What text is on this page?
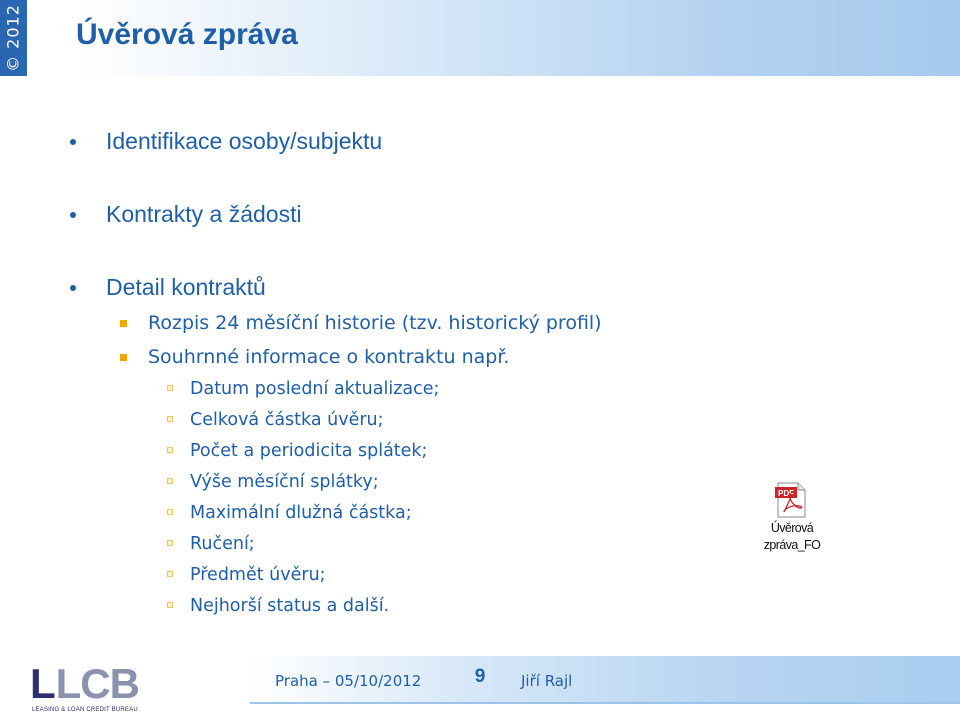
© 2012 Úvěrová zpráva
Identifikace osoby/subjektu
Kontrakty a žádosti
Detail kontraktů
Rozpis 24 měsíční historie (tzv. historický profil)
Souhrnné informace o kontraktu např.
Datum poslední aktualizace;
Celková částka úvěru;
Počet a periodicita splátek;
Výše měsíční splátky;
Maximální dlužná částka;
Ručení;
Předmět úvěru;
Nejhorší status a další.
PDF
Úvěrová
zpráva_FO
Praha – 05/10/2012	9	Jiří Rajl
L LCB
LEASING & LOAN CREDIT BUREAU
